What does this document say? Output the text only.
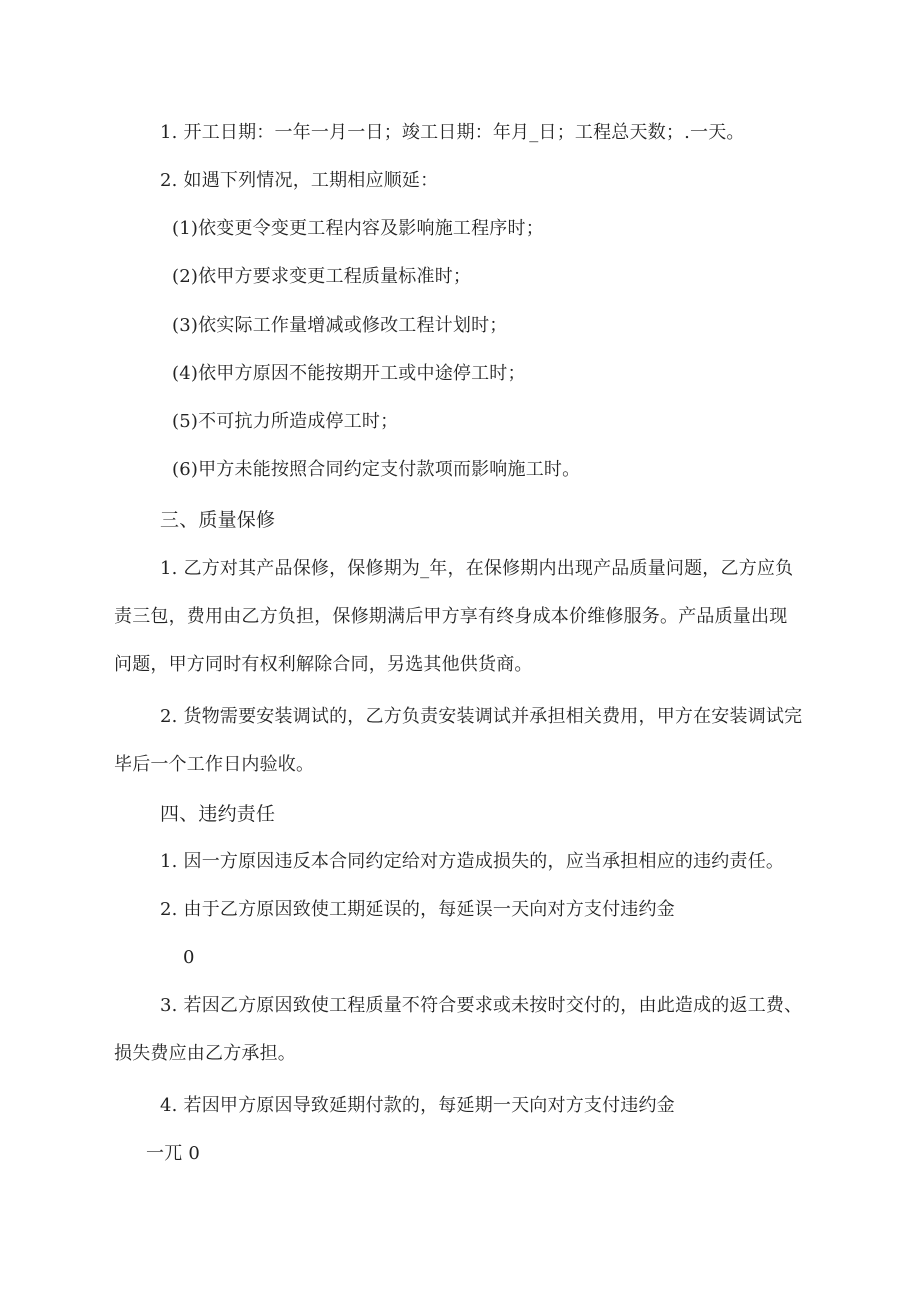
1. 开工日期：一年一月一日；竣工日期：年月_日；工程总天数；.一天。
2. 如遇下列情况，工期相应顺延：
(1)依变更令变更工程内容及影响施工程序时；
(2)依甲方要求变更工程质量标准时；
(3)依实际工作量增减或修改工程计划时；
(4)依甲方原因不能按期开工或中途停工时；
(5)不可抗力所造成停工时；
(6)甲方未能按照合同约定支付款项而影响施工时。
三、质量保修
1. 乙方对其产品保修，保修期为_年，在保修期内出现产品质量问题，乙方应负
责三包，费用由乙方负担，保修期满后甲方享有终身成本价维修服务。产品质量出现
问题，甲方同时有权利解除合同，另选其他供货商。
2. 货物需要安装调试的，乙方负责安装调试并承担相关费用，甲方在安装调试完
毕后一个工作日内验收。
四、违约责任
1. 因一方原因违反本合同约定给对方造成损失的，应当承担相应的违约责任。
2. 由于乙方原因致使工期延误的，每延误一天向对方支付违约金
0
3. 若因乙方原因致使工程质量不符合要求或未按时交付的，由此造成的返工费、
损失费应由乙方承担。
4. 若因甲方原因导致延期付款的，每延期一天向对方支付违约金
一兀 0
